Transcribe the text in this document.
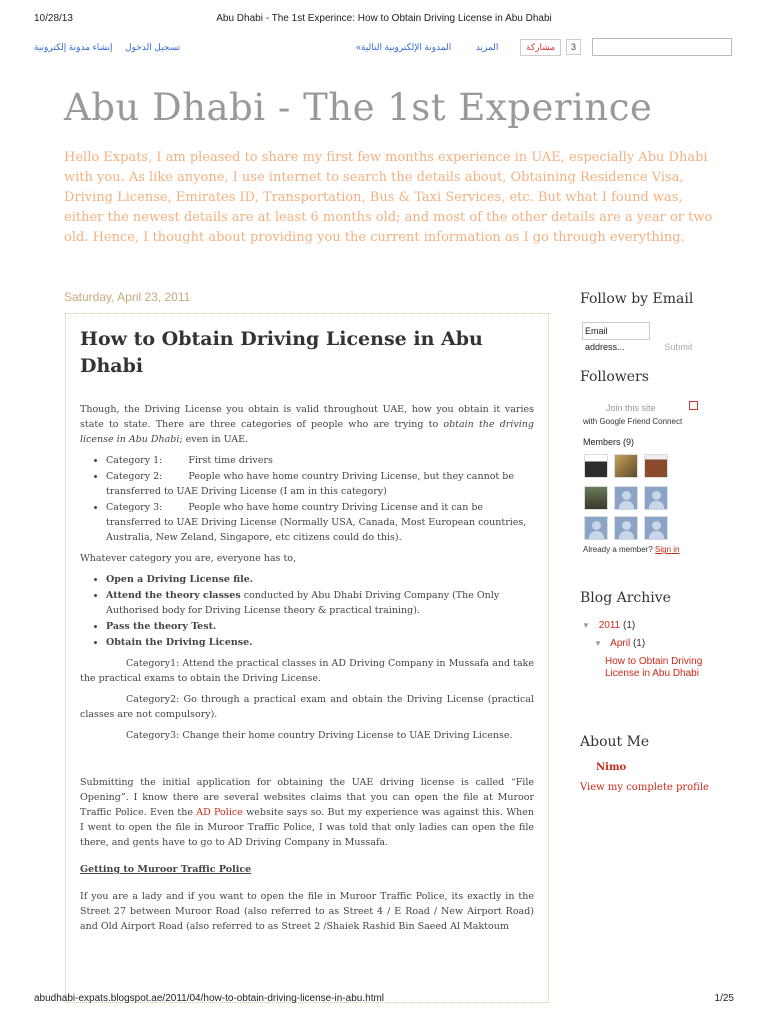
10/28/13	Abu Dhabi - The 1st Experince: How to Obtain Driving License in Abu Dhabi
تسجيل الدخول إنشاء مدونة إلكترونية	المزيد المدونة الإلكترونية التالية»	مشاركة	3
Abu Dhabi - The 1st Experince
Hello Expats, I am pleased to share my first few months experience in UAE, especially Abu Dhabi with you. As like anyone, I use internet to search the details about, Obtaining Residence Visa, Driving License, Emirates ID, Transportation, Bus & Taxi Services, etc. But what I found was, either the newest details are at least 6 months old; and most of the other details are a year or two old. Hence, I thought about providing you the current information as I go through everything.
Saturday, April 23, 2011
How to Obtain Driving License in Abu Dhabi

Though, the Driving License you obtain is valid throughout UAE, how you obtain it varies state to state. There are three categories of people who are trying to obtain the driving license in Abu Dhabi; even in UAE.

• Category 1:	First time drivers
• Category 2:	People who have home country Driving License, but they cannot be transferred to UAE Driving License (I am in this category)
• Category 3:	People who have home country Driving License and it can be transferred to UAE Driving License (Normally USA, Canada, Most European countries, Australia, New Zeland, Singapore, etc citizens could do this).

Whatever category you are, everyone has to,

• Open a Driving License file.
• Attend the theory classes conducted by Abu Dhabi Driving Company (The Only Authorised body for Driving License theory & practical training).
• Pass the theory Test.
• Obtain the Driving License.

Category1: Attend the practical classes in AD Driving Company in Mussafa and take the practical exams to obtain the Driving License.

Category2: Go through a practical exam and obtain the Driving License (practical classes are not compulsory).

Category3: Change their home country Driving License to UAE Driving License.

Submitting the initial application for obtaining the UAE driving license is called “File Opening”. I know there are several websites claims that you can open the file at Muroor Traffic Police. Even the AD Police website says so. But my experience was against this. When I went to open the file in Muroor Traffic Police, I was told that only ladies can open the file there, and gents have to go to AD Driving Company in Mussafa.

Getting to Muroor Traffic Police

If you are a lady and if you want to open the file in Muroor Traffic Police, its exactly in the Street 27 between Muroor Road (also referred to as Street 4 / E Road / New Airport Road) and Old Airport Road (also referred to as Street 2 /Shaiek Rashid Bin Saeed Al Maktoum

Follow by Email
Email address...	Submit
Followers
Join this site
with Google Friend Connect
Members (9)
Already a member? Sign in
Blog Archive
▼ 2011 (1)
▼ April (1)
How to Obtain Driving License in Abu Dhabi
About Me
Nimo
View my complete profile
abudhabi-expats.blogspot.ae/2011/04/how-to-obtain-driving-license-in-abu.html	1/25
